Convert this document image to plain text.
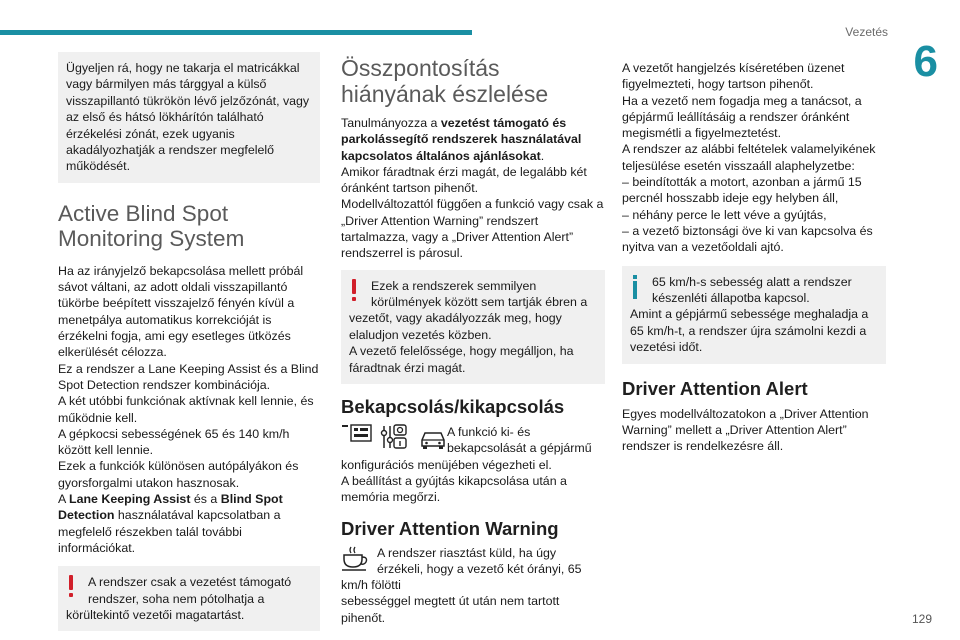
Vezetés
6
Ügyeljen rá, hogy ne takarja el matricákkal vagy bármilyen más tárggyal a külső visszapillantó tükrökön lévő jelzőzónát, vagy az első és hátsó lökhárítón található érzékelési zónát, ezek ugyanis akadályozhatják a rendszer megfelelő működését.
Active Blind Spot Monitoring System

Ha az irányjelző bekapcsolása mellett próbál sávot váltani, az adott oldali visszapillantó tükörbe beépített visszajelző fényén kívül a menetpálya automatikus korrekcióját is érzékelni fogja, ami egy esetleges ütközés elkerülését célozza.

Ez a rendszer a Lane Keeping Assist és a Blind Spot Detection rendszer kombinációja.

A két utóbbi funkciónak aktívnak kell lennie, és működnie kell.

A gépkocsi sebességének 65 és 140 km/h között kell lennie.

Ezek a funkciók különösen autópályákon és gyorsforgalmi utakon hasznosak.

A Lane Keeping Assist és a Blind Spot Detection használatával kapcsolatban a megfelelő részekben talál további információkat.

A rendszer csak a vezetést támogató rendszer, soha nem pótolhatja a
körültekintő vezetői magatartást.
Összpontosítás hiányának észlelése

Tanulmányozza a vezetést támogató és parkolássegítő rendszerek használatával kapcsolatos általános ajánlásokat.

Amikor fáradtnak érzi magát, de legalább két óránként tartson pihenőt.

Modellváltozattól függően a funkció vagy csak a „Driver Attention Warning” rendszert tartalmazza, vagy a „Driver Attention Alert” rendszerrel is párosul.

Ezek a rendszerek semmilyen körülmények között sem tartják ébren a
vezetőt, vagy akadályozzák meg, hogy elaludjon vezetés közben.
A vezető felelőssége, hogy megálljon, ha fáradtnak érzi magát.
Bekapcsolás/kikapcsolás
A funkció ki- és bekapcsolását a gépjármű
konfigurációs menüjében végezheti el.
A beállítást a gyújtás kikapcsolása után a memória megőrzi.
Driver Attention Warning
A rendszer riasztást küld, ha úgy érzékeli, hogy a vezető két órányi, 65 km/h fölötti
sebességgel megtett út után nem tartott pihenőt.

A vezetőt hangjelzés kíséretében üzenet figyelmezteti, hogy tartson pihenőt.

Ha a vezető nem fogadja meg a tanácsot, a gépjármű leállításáig a rendszer óránként megismétli a figyelmeztetést.

A rendszer az alábbi feltételek valamelyikének teljesülése esetén visszaáll alaphelyzetbe:

– beindították a motort, azonban a jármű 15 percnél hosszabb ideje egy helyben áll,

– néhány perce le lett véve a gyújtás,

– a vezető biztonsági öve ki van kapcsolva és nyitva van a vezetőoldali ajtó.

65 km/h-s sebesség alatt a rendszer készenléti állapotba kapcsol.
Amint a gépjármű sebessége meghaladja a 65 km/h-t, a rendszer újra számolni kezdi a vezetési időt.
Driver Attention Alert

Egyes modellváltozatokon a „Driver Attention Warning” mellett a „Driver Attention Alert” rendszer is rendelkezésre áll.

129
